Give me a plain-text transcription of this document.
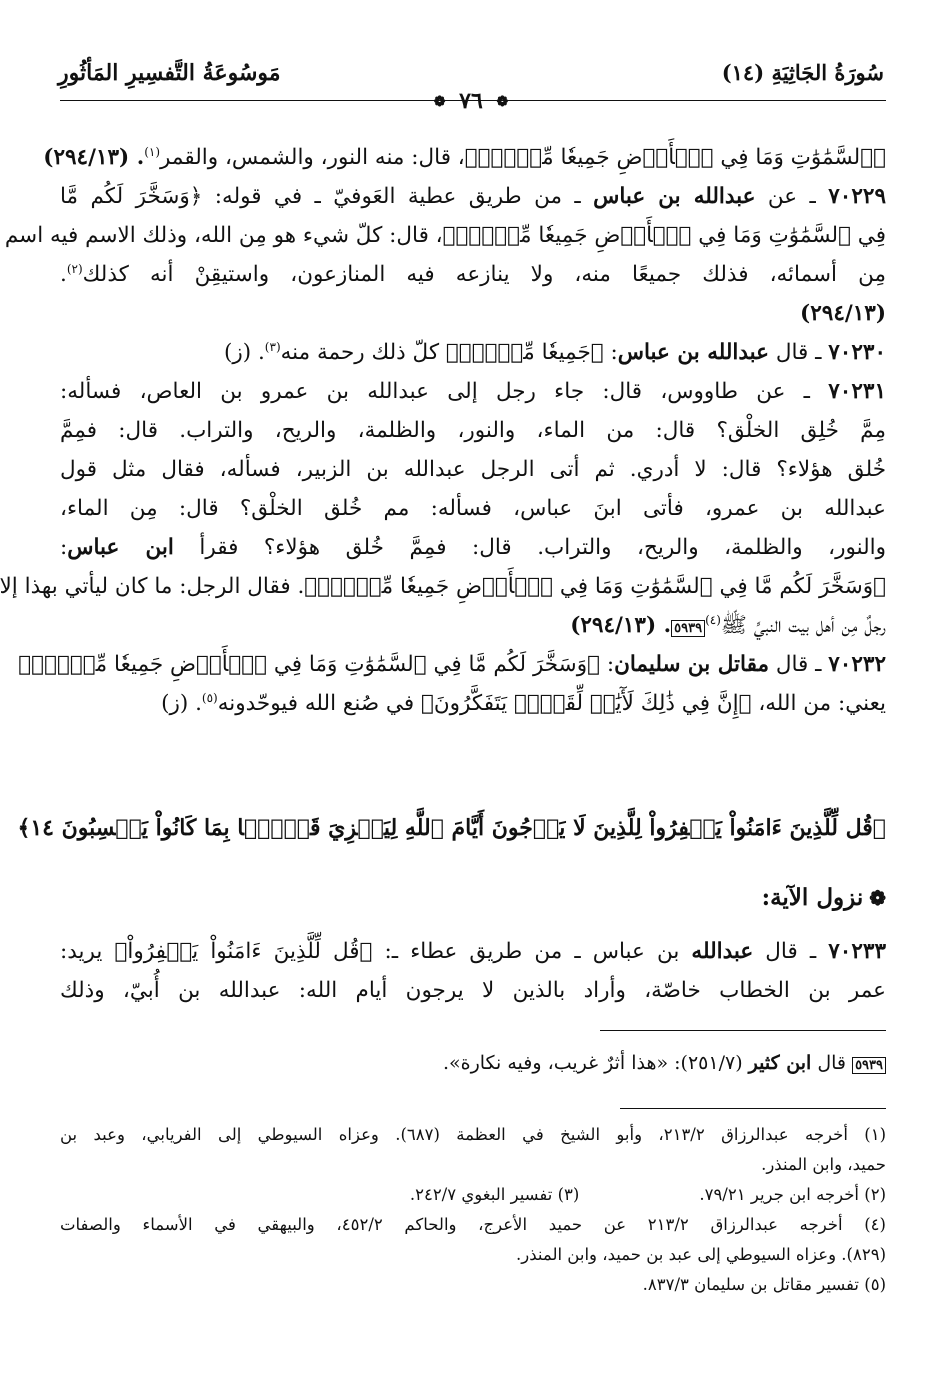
مَوسُوعَةُ التَّفسِيرِ المَأثُورِ	سُورَةُ الجَاثِيَةِ (١٤)
❁ ٧٦ ❁
﴿ٱلسَّمَٰوَٰتِ وَمَا فِي ٱلۡأَرۡضِ جَمِيعٗا مِّنۡهُۚ﴾، قال: منه النور، والشمس، والقمر$^{(١)}$. (٢٩٤/١٣)
٧٠٢٢٩ ـ عن عبدالله بن عباس ـ من طريق عطية العَوفيّ ـ في قوله: ﴿وَسَخَّرَ لَكُم مَّا
فِي ٱلسَّمَٰوَٰتِ وَمَا فِي ٱلۡأَرۡضِ جَمِيعٗا مِّنۡهُۚ﴾، قال: كلّ شيء هو مِن الله، وذلك الاسم فيه اسم
مِن أسمائه، فذلك جميعًا منه، ولا ينازعه فيه المنازعون، واستيقِنْ أنه كذلك$^{(٢)}$.
(٢٩٤/١٣)
٧٠٢٣٠ ـ قال عبدالله بن عباس: ﴿جَمِيعٗا مِّنۡهُۚ﴾ كلّ ذلك رحمة منه$^{(٣)}$. (ز)
٧٠٢٣١ ـ عن طاووس، قال: جاء رجل إلى عبدالله بن عمرو بن العاص، فسأله:
مِمَّ خُلِق الخلْق؟ قال: من الماء، والنور، والظلمة، والريح، والتراب. قال: فمِمَّ
خُلق هؤلاء؟ قال: لا أدري. ثم أتى الرجل عبدالله بن الزبير، فسأله، فقال مثل قول
عبدالله بن عمرو، فأتى ابنَ عباس، فسأله: مم خُلق الخلْق؟ قال: مِن الماء،
والنور، والظلمة، والريح، والتراب. قال: فمِمَّ خُلق هؤلاء؟ فقرأ ابن عباس:
﴿وَسَخَّرَ لَكُم مَّا فِي ٱلسَّمَٰوَٰتِ وَمَا فِي ٱلۡأَرۡضِ جَمِيعٗا مِّنۡهُۚ﴾. فقال الرجل: ما كان ليأتي بهذا إلا
رجلٌ مِن أهل بيت النبيِّ ﷺ$^{(٤)}$٥٩٣٩. (٢٩٤/١٣)
٧٠٢٣٢ ـ قال مقاتل بن سليمان: ﴿وَسَخَّرَ لَكُم مَّا فِي ٱلسَّمَٰوَٰتِ وَمَا فِي ٱلۡأَرۡضِ جَمِيعٗا مِّنۡهُۚ﴾
يعني: من الله، ﴿إِنَّ فِي ذَٰلِكَ لَأٓيَٰتٖ لِّقَوۡمٖ يَتَفَكَّرُونَ﴾ في صُنع الله فيوحّدونه$^{(٥)}$. (ز)
﴿قُل لِّلَّذِينَ ءَامَنُواْ يَغۡفِرُواْ لِلَّذِينَ لَا يَرۡجُونَ أَيَّامَ ٱللَّهِ لِيَجۡزِيَ قَوۡمَۢا بِمَا كَانُواْ يَكۡسِبُونَ ١٤﴾
❁نزول الآية:
٧٠٢٣٣ ـ قال عبدالله بن عباس ـ من طريق عطاء ـ: ﴿قُل لِّلَّذِينَ ءَامَنُواْ يَغۡفِرُواْ﴾ يريد:
عمر بن الخطاب خاصّة، وأراد بالذين لا يرجون أيام الله: عبدالله بن أُبيّ، وذلك
٥٩٣٩ قال ابن كثير (٢٥١/٧): «هذا أثرٌ غريب، وفيه نكارة».
(١) أخرجه عبدالرزاق ٢١٣/٢، وأبو الشيخ في العظمة (٦٨٧). وعزاه السيوطي إلى الفريابي، وعبد بن
حميد، وابن المنذر.
(٢) أخرجه ابن جرير ٧٩/٢١.
(٣) تفسير البغوي ٢٤٢/٧.
(٤) أخرجه عبدالرزاق ٢١٣/٢ عن حميد الأعرج، والحاكم ٤٥٢/٢، والبيهقي في الأسماء والصفات
(٨٢٩). وعزاه السيوطي إلى عبد بن حميد، وابن المنذر.
(٥) تفسير مقاتل بن سليمان ٨٣٧/٣.
